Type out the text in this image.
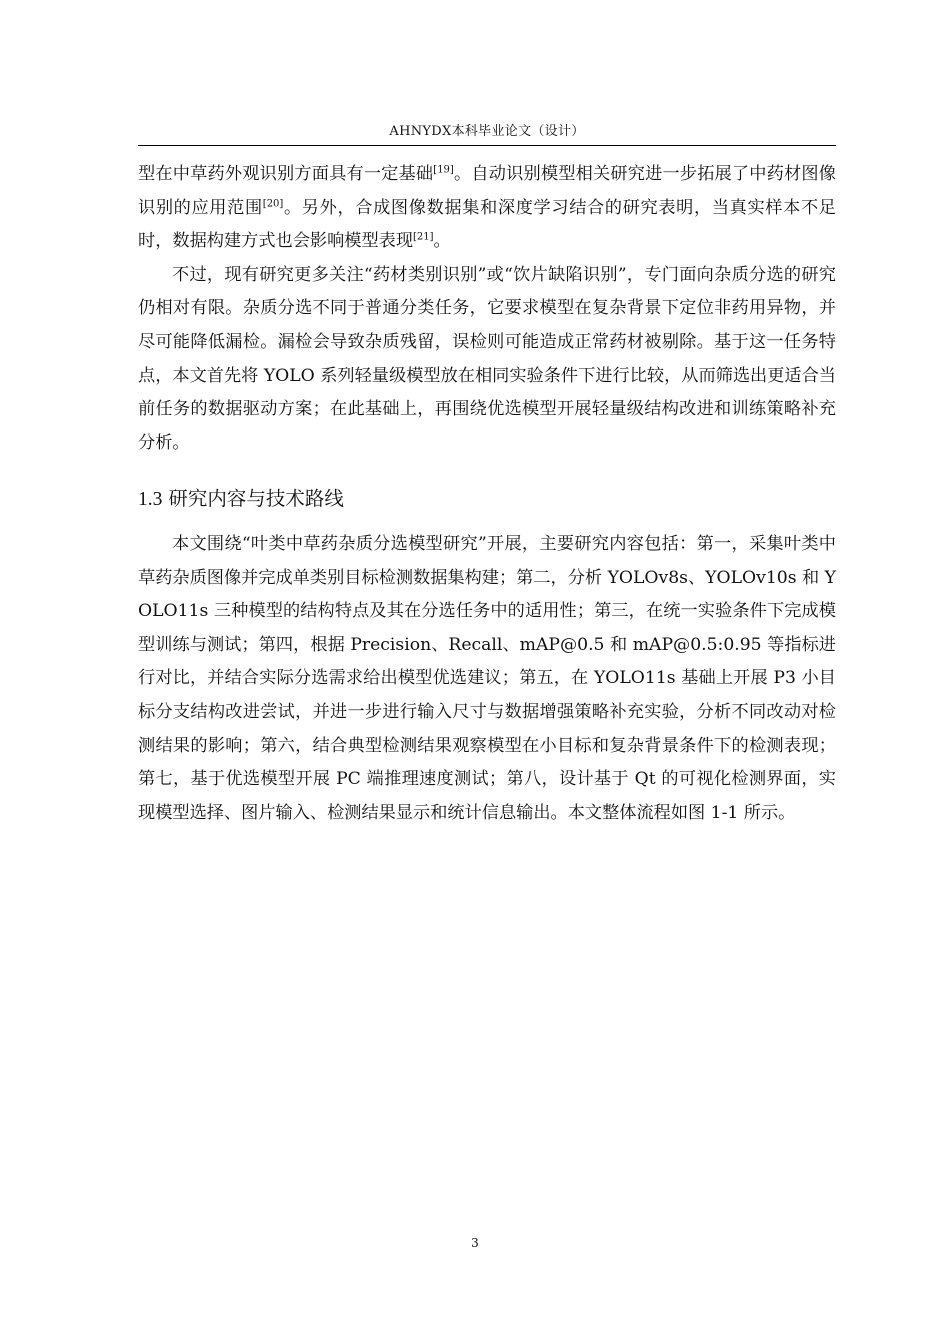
AHNYDX本科毕业论文（设计）

型在中草药外观识别方面具有一定基础[19]。自动识别模型相关研究进一步拓展了中药材图像识别的应用范围[20]。另外，合成图像数据集和深度学习结合的研究表明，当真实样本不足时，数据构建方式也会影响模型表现[21]。

不过，现有研究更多关注“药材类别识别”或“饮片缺陷识别”，专门面向杂质分选的研究仍相对有限。杂质分选不同于普通分类任务，它要求模型在复杂背景下定位非药用异物，并尽可能降低漏检。漏检会导致杂质残留，误检则可能造成正常药材被剔除。基于这一任务特点，本文首先将 YOLO 系列轻量级模型放在相同实验条件下进行比较，从而筛选出更适合当前任务的数据驱动方案；在此基础上，再围绕优选模型开展轻量级结构改进和训练策略补充分析。

1.3 研究内容与技术路线

本文围绕“叶类中草药杂质分选模型研究”开展，主要研究内容包括：第一，采集叶类中草药杂质图像并完成单类别目标检测数据集构建；第二，分析 YOLOv8s、YOLOv10s 和 YOLO11s 三种模型的结构特点及其在分选任务中的适用性；第三，在统一实验条件下完成模型训练与测试；第四，根据 Precision、Recall、mAP@0.5 和 mAP@0.5:0.95 等指标进行对比，并结合实际分选需求给出模型优选建议；第五，在 YOLO11s 基础上开展 P3 小目标分支结构改进尝试，并进一步进行输入尺寸与数据增强策略补充实验，分析不同改动对检测结果的影响；第六，结合典型检测结果观察模型在小目标和复杂背景条件下的检测表现；第七，基于优选模型开展 PC 端推理速度测试；第八，设计基于 Qt 的可视化检测界面，实现模型选择、图片输入、检测结果显示和统计信息输出。本文整体流程如图 1-1 所示。

3
